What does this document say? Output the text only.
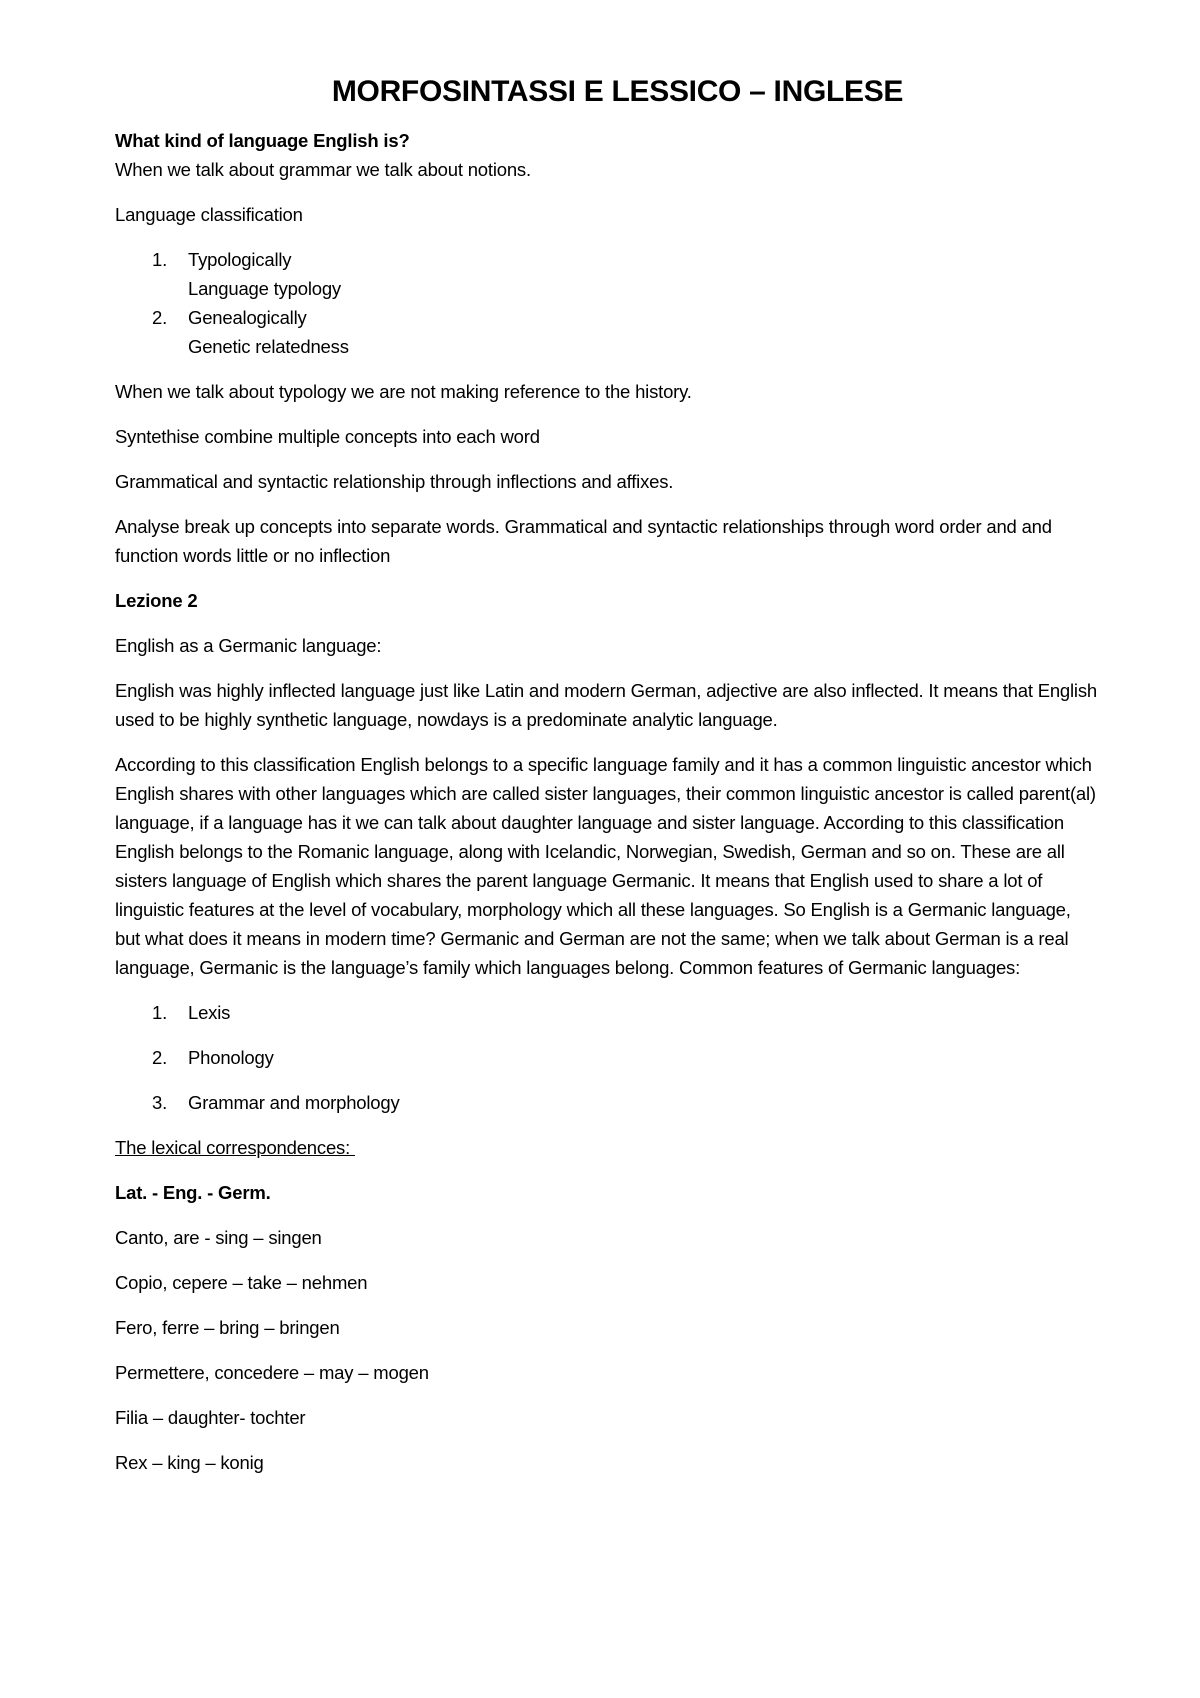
MORFOSINTASSI E LESSICO – INGLESE

What kind of language English is?

When we talk about grammar we talk about notions.

Language classification

1. Typologically
Language typology
2. Genealogically
Genetic relatedness

When we talk about typology we are not making reference to the history.

Syntethise combine multiple concepts into each word

Grammatical and syntactic relationship through inflections and affixes.

Analyse break up concepts into separate words. Grammatical and syntactic relationships through word order and and function words little or no inflection

Lezione 2

English as a Germanic language:

English was highly inflected language just like Latin and modern German, adjective are also inflected. It means that English used to be highly synthetic language, nowdays is a predominate analytic language.

According to this classification English belongs to a specific language family and it has a common linguistic ancestor which English shares with other languages which are called sister languages, their common linguistic ancestor is called parent(al) language, if a language has it we can talk about daughter language and sister language. According to this classification English belongs to the Romanic language, along with Icelandic, Norwegian, Swedish, German and so on. These are all sisters language of English which shares the parent language Germanic. It means that English used to share a lot of linguistic features at the level of vocabulary, morphology which all these languages. So English is a Germanic language, but what does it means in modern time? Germanic and German are not the same; when we talk about German is a real language, Germanic is the language’s family which languages belong. Common features of Germanic languages:

1. Lexis
2. Phonology
3. Grammar and morphology

The lexical correspondences:

Lat. - Eng. - Germ.

Canto, are - sing – singen

Copio, cepere – take – nehmen

Fero, ferre – bring – bringen

Permettere, concedere – may – mogen

Filia – daughter- tochter

Rex – king – konig
